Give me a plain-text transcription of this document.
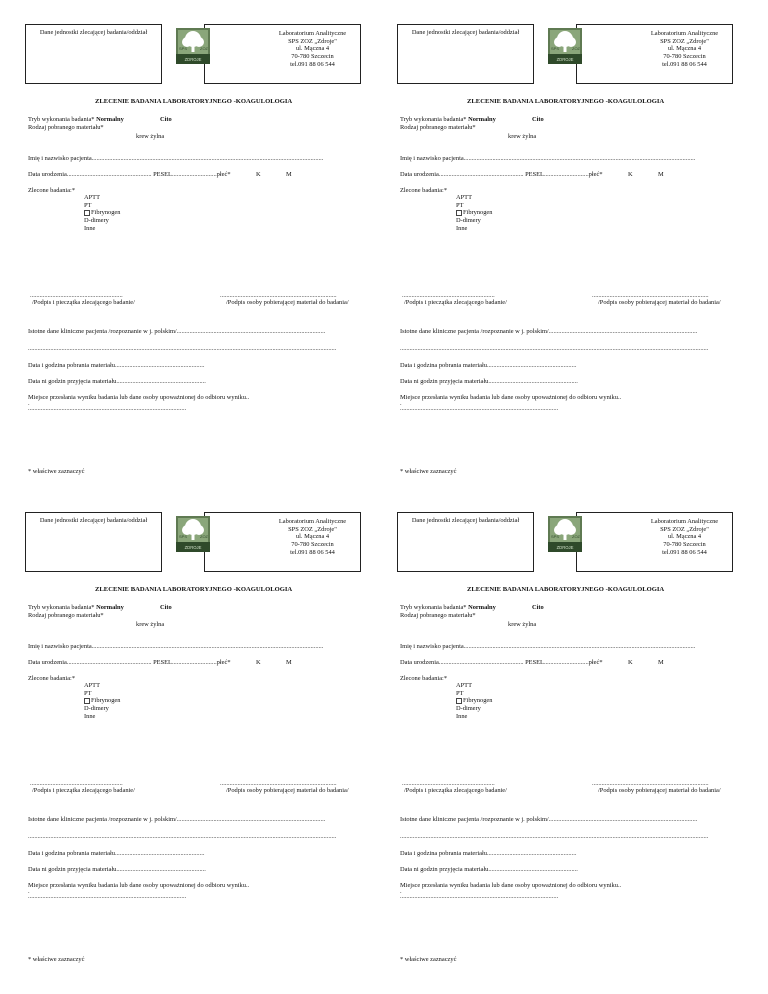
Dane jednostki zlecającej badania/oddział	Laboratorium Analityczne
SPS ZOZ „Zdroje"
ul. Mączna 4
70-780 Szczecin
tel.091 88 06 544
SPS	ZOZ
ZDROJE
ZLECENIE BADANIA LABORATORYJNEGO -KOAGULOLOGIA
Tryb wykonania badania* Normalny	Cito
Rodzaj pobranego materiału*
krew żylna
Imię i nazwisko pacjenta.................................................................................................................................................
Data urodzenia..................................................... PESEL............................płeć*	K	M
Zlecone badania:*
APTT
PT
Fibrynogen
D-dimery
Inne
..........................................................	.........................................................................
/Podpis i pieczątka zlecającego badanie/	/Podpis osoby pobierającej materiał do badania/
Istotne dane kliniczne pacjenta /rozpoznanie w j. polskim/.............................................................................................
.................................................................................................................................................................................................
Data i godzina pobrania materiału........................................................
Data ni godzin przyjęcia materiału........................................................
Miejsce przesłania wyniku badania lub dane osoby upoważnionej do odbioru wyniku..
.
...................................................................................................
* właściwe zaznaczyć
Dane jednostki zlecającej badania/oddział	Laboratorium Analityczne
SPS ZOZ „Zdroje"
ul. Mączna 4
70-780 Szczecin
tel.091 88 06 544
SPS	ZOZ
ZDROJE
ZLECENIE BADANIA LABORATORYJNEGO -KOAGULOLOGIA
Tryb wykonania badania* Normalny	Cito
Rodzaj pobranego materiału*
krew żylna
Imię i nazwisko pacjenta.................................................................................................................................................
Data urodzenia..................................................... PESEL............................płeć*	K	M
Zlecone badania:*
APTT
PT
Fibrynogen
D-dimery
Inne
..........................................................	.........................................................................
/Podpis i pieczątka zlecającego badanie/	/Podpis osoby pobierającej materiał do badania/
Istotne dane kliniczne pacjenta /rozpoznanie w j. polskim/.............................................................................................
.................................................................................................................................................................................................
Data i godzina pobrania materiału........................................................
Data ni godzin przyjęcia materiału........................................................
Miejsce przesłania wyniku badania lub dane osoby upoważnionej do odbioru wyniku..
.
...................................................................................................
* właściwe zaznaczyć
Dane jednostki zlecającej badania/oddział	Laboratorium Analityczne
SPS ZOZ „Zdroje"
ul. Mączna 4
70-780 Szczecin
tel.091 88 06 544
SPS	ZOZ
ZDROJE
ZLECENIE BADANIA LABORATORYJNEGO -KOAGULOLOGIA
Tryb wykonania badania* Normalny	Cito
Rodzaj pobranego materiału*
krew żylna
Imię i nazwisko pacjenta.................................................................................................................................................
Data urodzenia..................................................... PESEL............................płeć*	K	M
Zlecone badania:*
APTT
PT
Fibrynogen
D-dimery
Inne
..........................................................	.........................................................................
/Podpis i pieczątka zlecającego badanie/	/Podpis osoby pobierającej materiał do badania/
Istotne dane kliniczne pacjenta /rozpoznanie w j. polskim/.............................................................................................
.................................................................................................................................................................................................
Data i godzina pobrania materiału........................................................
Data ni godzin przyjęcia materiału........................................................
Miejsce przesłania wyniku badania lub dane osoby upoważnionej do odbioru wyniku..
.
...................................................................................................
* właściwe zaznaczyć
Dane jednostki zlecającej badania/oddział	Laboratorium Analityczne
SPS ZOZ „Zdroje"
ul. Mączna 4
70-780 Szczecin
tel.091 88 06 544
SPS	ZOZ
ZDROJE
ZLECENIE BADANIA LABORATORYJNEGO -KOAGULOLOGIA
Tryb wykonania badania* Normalny	Cito
Rodzaj pobranego materiału*
krew żylna
Imię i nazwisko pacjenta.................................................................................................................................................
Data urodzenia..................................................... PESEL............................płeć*	K	M
Zlecone badania:*
APTT
PT
Fibrynogen
D-dimery
Inne
..........................................................	.........................................................................
/Podpis i pieczątka zlecającego badanie/	/Podpis osoby pobierającej materiał do badania/
Istotne dane kliniczne pacjenta /rozpoznanie w j. polskim/.............................................................................................
.................................................................................................................................................................................................
Data i godzina pobrania materiału........................................................
Data ni godzin przyjęcia materiału........................................................
Miejsce przesłania wyniku badania lub dane osoby upoważnionej do odbioru wyniku..
.
...................................................................................................
* właściwe zaznaczyć
